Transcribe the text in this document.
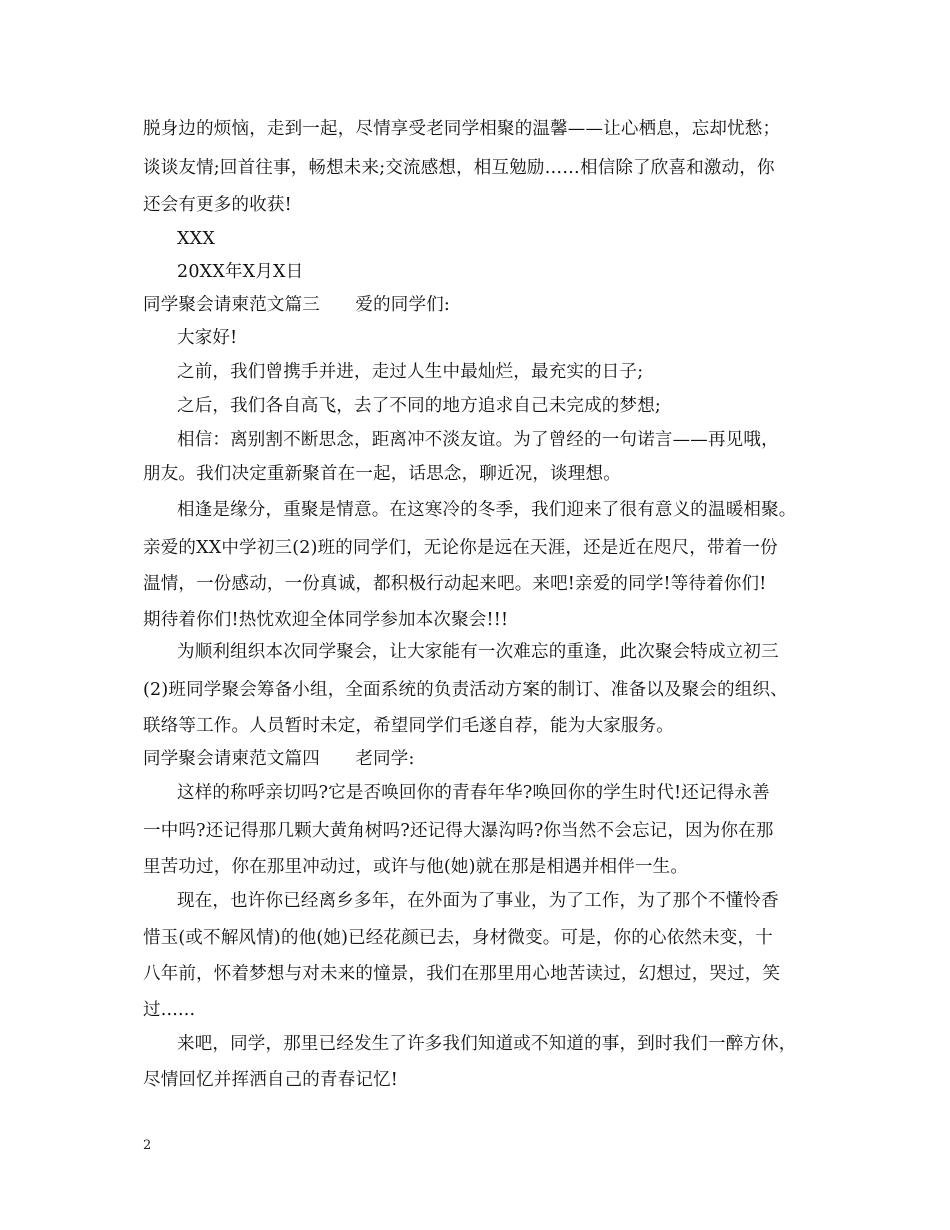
脱身边的烦恼，走到一起，尽情享受老同学相聚的温馨——让心栖息，忘却忧愁；
谈谈友情;回首往事，畅想未来;交流感想，相互勉励……相信除了欣喜和激动，你
还会有更多的收获!
XXX
20XX年X月X日
同学聚会请柬范文篇三　　爱的同学们:
大家好!
之前，我们曾携手并进，走过人生中最灿烂，最充实的日子;
之后，我们各自高飞，去了不同的地方追求自己未完成的梦想;
相信：离别割不断思念，距离冲不淡友谊。为了曾经的一句诺言——再见哦，
朋友。我们决定重新聚首在一起，话思念，聊近况，谈理想。
相逢是缘分，重聚是情意。在这寒冷的冬季，我们迎来了很有意义的温暖相聚。
亲爱的XX中学初三(2)班的同学们，无论你是远在天涯，还是近在咫尺，带着一份
温情，一份感动，一份真诚，都积极行动起来吧。来吧!亲爱的同学!等待着你们!
期待着你们!热忱欢迎全体同学参加本次聚会!!!
为顺利组织本次同学聚会，让大家能有一次难忘的重逢，此次聚会特成立初三
(2)班同学聚会筹备小组，全面系统的负责活动方案的制订、准备以及聚会的组织、
联络等工作。人员暂时未定，希望同学们毛遂自荐，能为大家服务。
同学聚会请柬范文篇四　　老同学:
这样的称呼亲切吗?它是否唤回你的青春年华?唤回你的学生时代!还记得永善
一中吗?还记得那几颗大黄角树吗?还记得大瀑沟吗?你当然不会忘记，因为你在那
里苦功过，你在那里冲动过，或许与他(她)就在那是相遇并相伴一生。
现在，也许你已经离乡多年，在外面为了事业，为了工作，为了那个不懂怜香
惜玉(或不解风情)的他(她)已经花颜已去，身材微变。可是，你的心依然未变，十
八年前，怀着梦想与对未来的憧景，我们在那里用心地苦读过，幻想过，哭过，笑
过......
来吧，同学，那里已经发生了许多我们知道或不知道的事，到时我们一醉方休，
尽情回忆并挥洒自己的青春记忆!
2
